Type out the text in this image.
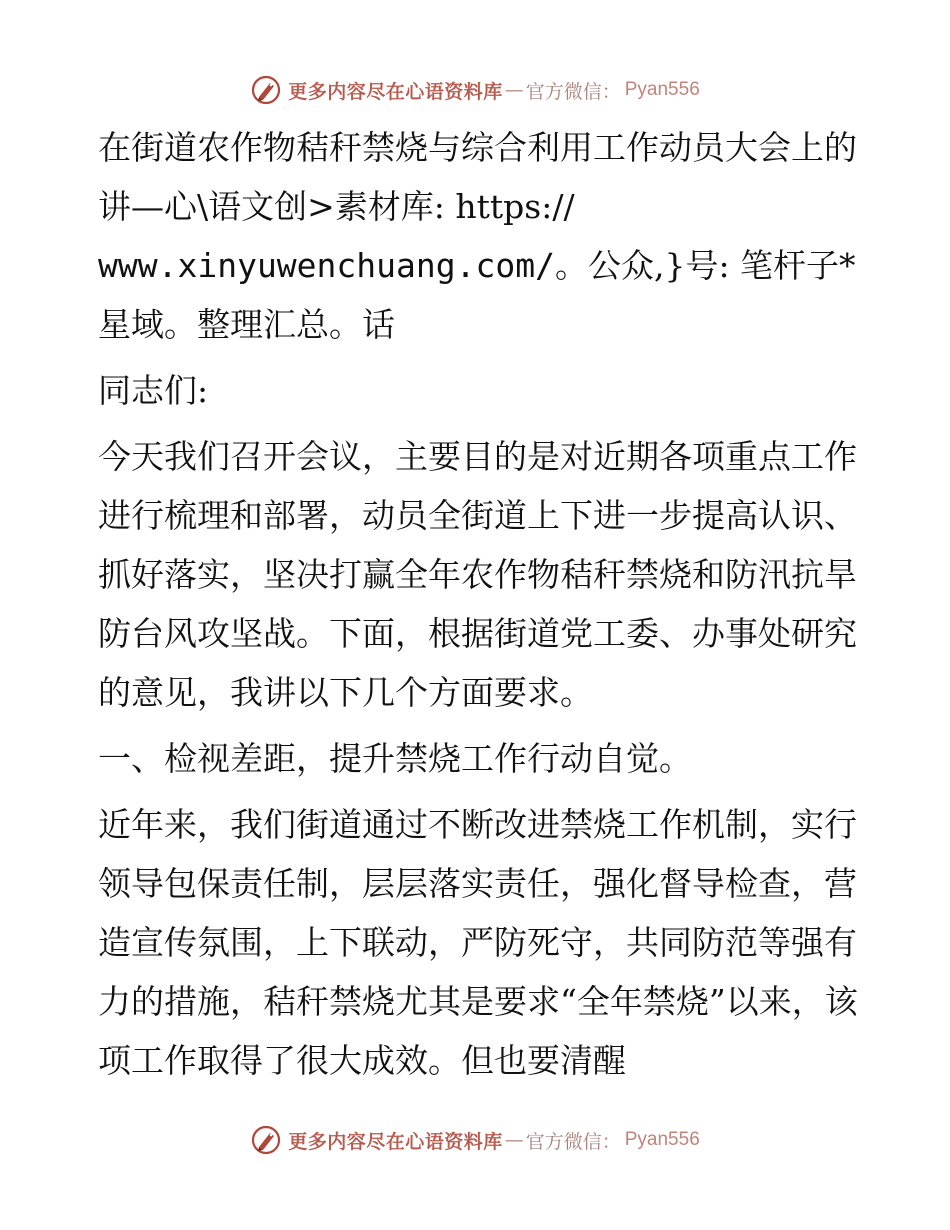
更多内容尽在心语资料库 — 官方微信： Pyan556

在街道农作物秸秆禁烧与综合利用工作动员大会上的讲—心\语文创>素材库: https://
www.xinyuwenchuang.com/。公众,}号: 笔杆子*星域。整理汇总。话

同志们:

今天我们召开会议，主要目的是对近期各项重点工作进行梳理和部署，动员全街道上下进一步提高认识、抓好落实，坚决打赢全年农作物秸秆禁烧和防汛抗旱防台风攻坚战。下面，根据街道党工委、办事处研究的意见，我讲以下几个方面要求。

一、检视差距，提升禁烧工作行动自觉。

近年来，我们街道通过不断改进禁烧工作机制，实行领导包保责任制，层层落实责任，强化督导检查，营造宣传氛围，上下联动，严防死守，共同防范等强有力的措施，秸秆禁烧尤其是要求“全年禁烧”以来，该项工作取得了很大成效。但也要清醒

更多内容尽在心语资料库 — 官方微信： Pyan556
